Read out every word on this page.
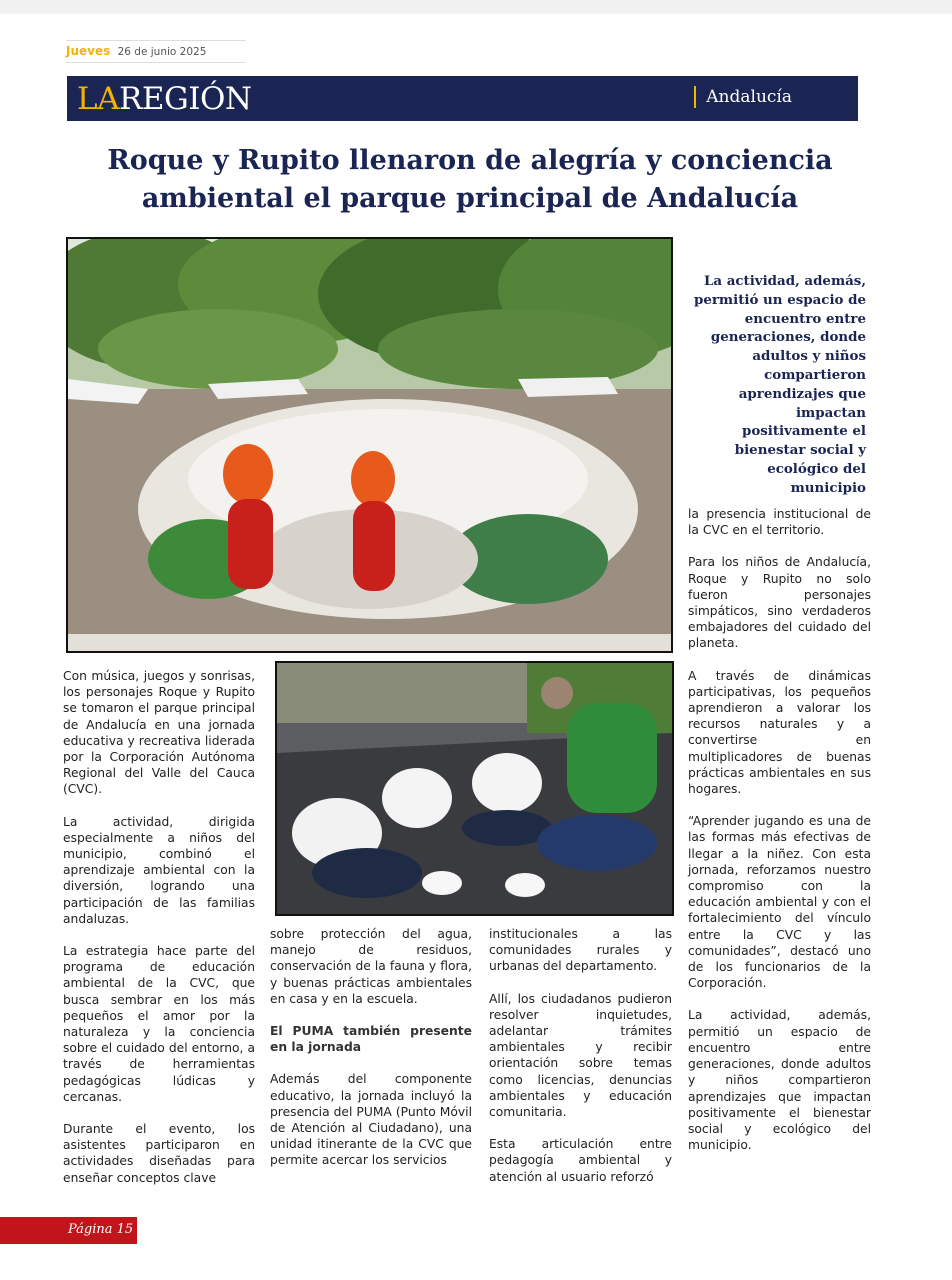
Jueves 26 de junio 2025
LAREGIÓN	Andalucía
Roque y Rupito llenaron de alegría y conciencia
ambiental el parque principal de Andalucía
La actividad, además, permitió un espacio de encuentro entre generaciones, donde adultos y niños compartieron aprendizajes que impactan positivamente el bienestar social y ecológico del municipio

Con música, juegos y sonrisas, los personajes Roque y Rupito se tomaron el parque principal de Andalucía en una jornada educativa y recreativa liderada por la Corporación Autónoma Regional del Valle del Cauca (CVC).

La actividad, dirigida especialmente a niños del municipio, combinó el aprendizaje ambiental con la diversión, logrando una participación de las familias andaluzas.

La estrategia hace parte del programa de educación ambiental de la CVC, que busca sembrar en los más pequeños el amor por la naturaleza y la conciencia sobre el cuidado del entorno, a través de herramientas pedagógicas lúdicas y cercanas.

Durante el evento, los asistentes participaron en actividades diseñadas para enseñar conceptos clave

sobre protección del agua, manejo de residuos, conservación de la fauna y flora, y buenas prácticas ambientales en casa y en la escuela.

El PUMA también presente en la jornada

Además del componente educativo, la jornada incluyó la presencia del PUMA (Punto Móvil de Atención al Ciudadano), una unidad itinerante de la CVC que permite acercar los servicios

institucionales a las comunidades rurales y urbanas del departamento.

Allí, los ciudadanos pudieron resolver inquietudes, adelantar trámites ambientales y recibir orientación sobre temas como licencias, denuncias ambientales y educación comunitaria.

Esta articulación entre pedagogía ambiental y atención al usuario reforzó

la presencia institucional de la CVC en el territorio.

Para los niños de Andalucía, Roque y Rupito no solo fueron personajes simpáticos, sino verdaderos embajadores del cuidado del planeta.

A través de dinámicas participativas, los pequeños aprendieron a valorar los recursos naturales y a convertirse en multiplicadores de buenas prácticas ambientales en sus hogares.

“Aprender jugando es una de las formas más efectivas de llegar a la niñez. Con esta jornada, reforzamos nuestro compromiso con la educación ambiental y con el fortalecimiento del vínculo entre la CVC y las comunidades”, destacó uno de los funcionarios de la Corporación.

La actividad, además, permitió un espacio de encuentro entre generaciones, donde adultos y niños compartieron aprendizajes que impactan positivamente el bienestar social y ecológico del municipio.

Página 15
